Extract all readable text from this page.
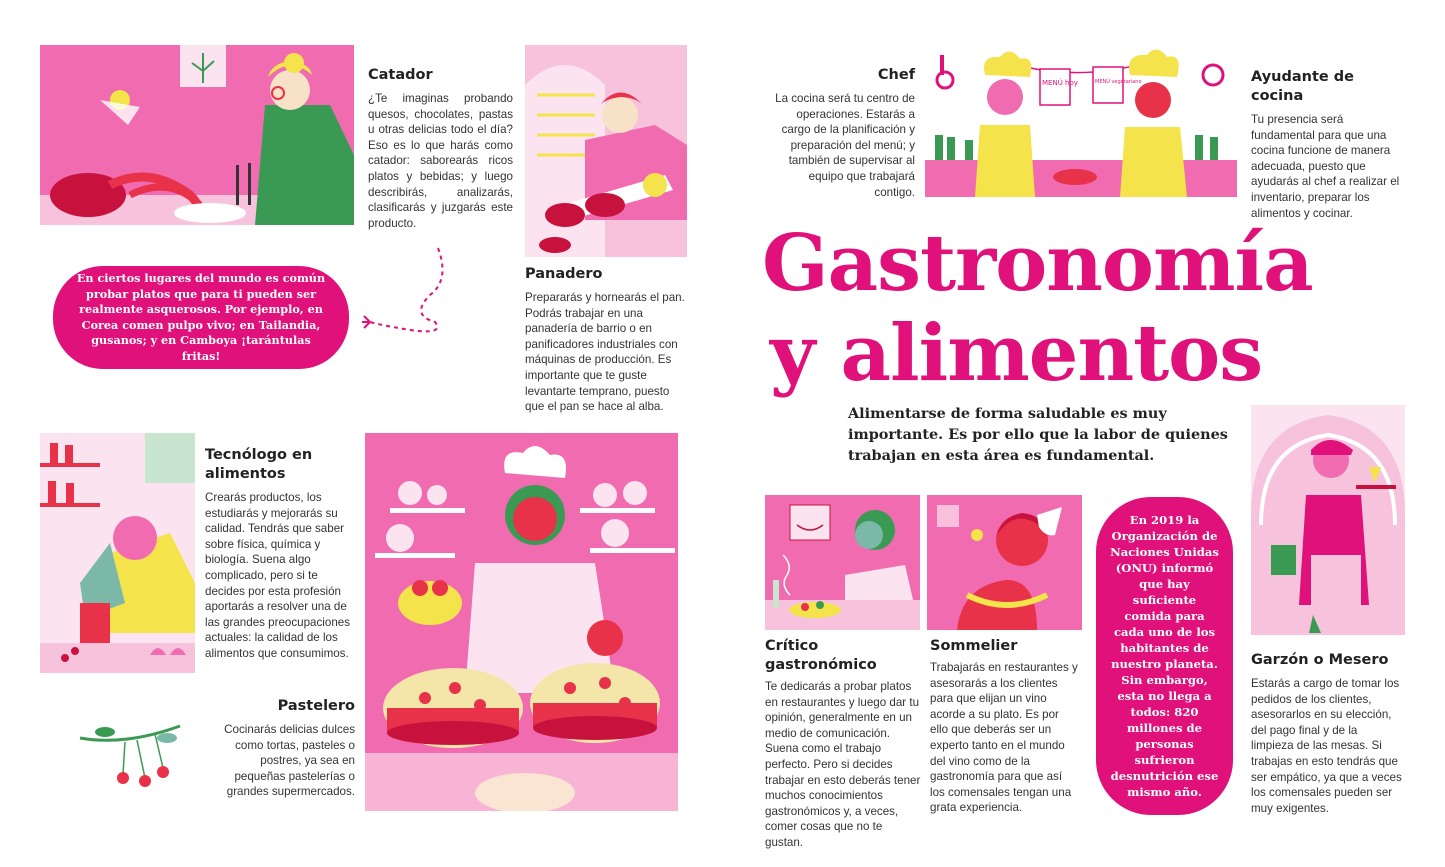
Catador

¿Te imaginas probando quesos, chocolates, pastas u otras delicias todo el día? Eso es lo que harás como catador: saborearás ricos platos y bebidas; y luego describirás, analizarás, clasificarás y juzgarás este producto.

Panadero

Prepararás y hornearás el pan. Podrás trabajar en una panadería de barrio o en panificadores industriales con máquinas de producción. Es importante que te guste levantarte temprano, puesto que el pan se hace al alba.

En ciertos lugares del mundo es común probar platos que para ti pueden ser realmente asquerosos. Por ejemplo, en Corea comen pulpo vivo; en Tailandia, gusanos; y en Camboya ¡tarántulas fritas!
Tecnólogo en alimentos

Crearás productos, los estudiarás y mejorarás su calidad. Tendrás que saber sobre física, química y biología. Suena algo complicado, pero si te decides por esta profesión aportarás a resolver una de las grandes preocupaciones actuales: la calidad de los alimentos que consumimos.

Pastelero

Cocinarás delicias dulces como tortas, pasteles o postres, ya sea en pequeñas pastelerías o grandes supermercados.

Chef

La cocina será tu centro de operaciones. Estarás a cargo de la planificación y preparación del menú; y también de supervisar al equipo que trabajará contigo.

MENÚ hoy	MENÚ vegetariano	Ayudante de cocina

Tu presencia será fundamental para que una cocina funcione de manera adecuada, puesto que ayudarás al chef a realizar el inventario, preparar los alimentos y cocinar.

Gastronomía
y alimentos
Alimentarse de forma saludable es muy importante. Es por ello que la labor de quienes trabajan en esta área es fundamental.
Crítico gastronómico

Te dedicarás a probar platos en restaurantes y luego dar tu opinión, generalmente en un medio de comunicación. Suena como el trabajo perfecto. Pero si decides trabajar en esto deberás tener muchos conocimientos gastronómicos y, a veces, comer cosas que no te gustan.

Sommelier

Trabajarás en restaurantes y asesorarás a los clientes para que elijan un vino acorde a su plato. Es por ello que deberás ser un experto tanto en el mundo del vino como de la gastronomía para que así los comensales tengan una grata experiencia.

En 2019 la Organización de Naciones Unidas (ONU) informó que hay suficiente comida para cada uno de los habitantes de nuestro planeta. Sin embargo, esta no llega a todos: 820 millones de personas sufrieron desnutrición ese mismo año.
Garzón o Mesero

Estarás a cargo de tomar los pedidos de los clientes, asesorarlos en su elección, del pago final y de la limpieza de las mesas. Si trabajas en esto tendrás que ser empático, ya que a veces los comensales pueden ser muy exigentes.
